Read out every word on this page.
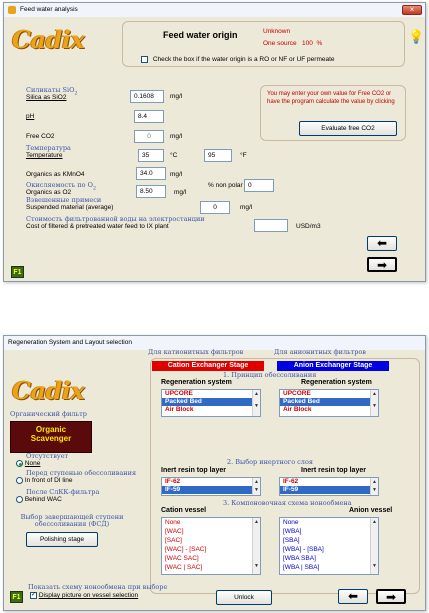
Feed water analysis	×
Cadix	Feed water origin	Unknown
One source 100 %
Check the box if the water origin is a RO or NF or UF permeate
💡
Силикаты SiO$_2$
Silica as SiO2	0.1608	mg/l
pH	8.4
Free CO2	0	mg/l
Температура
Temperature	35	°C	95	°F
Organics as KMnO4	34.0	mg/l
Окисляемость по $O_2$
Organics as O2	8.50	mg/l
% non polar 0
Взвешенные примеси
Suspended material (average)	0	mg/l
Стоимость фильтрованной воды на электростанции
Cost of filtered & pretreated water feed to IX plant	USD/m3
You may enter your own value for Free CO2 or have the program calculate the value by clicking
Evaluate free CO2
⬅
➡
F1
Regeneration System and Layout selection
Cadix
Для катионитных фильтров	Для анионитных фильтров
Cation Exchanger Stage	Anion Exchanger Stage
1. Принцип обессоливания
Regeneration system	Regeneration system
UPCORE
Packed Bed
Air Block
▲
▼
UPCORE
Packed Bed
Air Block
▲
▼
2. Выбор инертного слоя
Inert resin top layer	Inert resin top layer
IF-62
IF-59
▲
▼
IF-62
IF-59
▲
▼
3. Компоновочная схема нонообмена
Cation vessel	Anion vessel
None
[WAC]
[SAC]
[WAC] - [SAC]
[WAC SAC]
[WAC | SAC]
▲
▼
None
[WBA]
[SBA]
[WBA] - [SBA]
[WBA SBA]
[WBA | SBA]
▲
▼
Органический фильтр
Organic
Scavenger
Отсутствует
None
Перед ступенью обессоливания
In front of DI line
После СлКК-фильтра
Behind WAC
Выбор завершающей ступени обессоливания (ФСД)
Polishing stage
Показать схему нонообмена при выборе
✓ Display picture on vessel selection	Unlock	⬅	➡
F1
